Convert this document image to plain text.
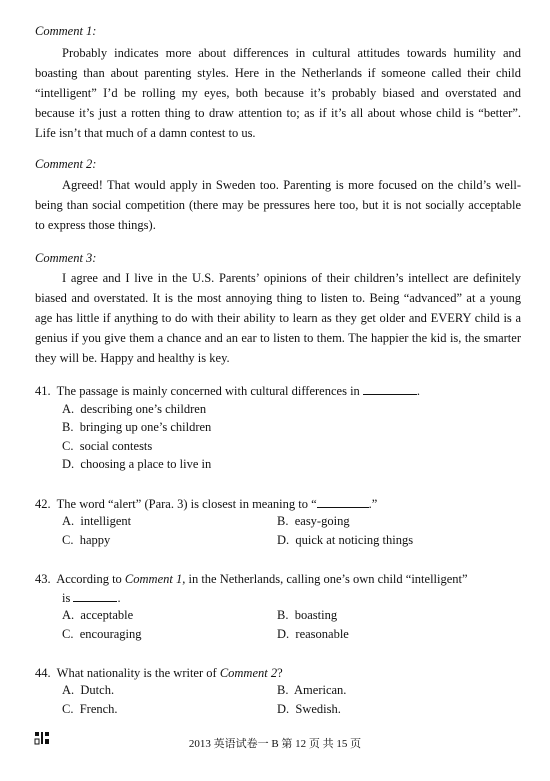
Comment 1:

Probably indicates more about differences in cultural attitudes towards humility and boasting than about parenting styles. Here in the Netherlands if someone called their child “intelligent” I’d be rolling my eyes, both because it’s probably biased and overstated and because it’s just a rotten thing to draw attention to; as if it’s all about whose child is “better”. Life isn’t that much of a damn contest to us.

Comment 2:

Agreed! That would apply in Sweden too. Parenting is more focused on the child’s well-being than social competition (there may be pressures here too, but it is not socially acceptable to express those things).

Comment 3:

I agree and I live in the U.S. Parents’ opinions of their children’s intellect are definitely biased and overstated. It is the most annoying thing to listen to. Being “advanced” at a young age has little if anything to do with their ability to learn as they get older and EVERY child is a genius if you give them a chance and an ear to listen to them. The happier the kid is, the smarter they will be. Happy and healthy is key.

41. The passage is mainly concerned with cultural differences in	.
A. describing one’s children
B. bringing up one’s children
C. social contests
D. choosing a place to live in
42. The word “alert” (Para. 3) is closest in meaning to “	.”
A. intelligent	B. easy-going
C. happy	D. quick at noticing things
43. According to Comment 1, in the Netherlands, calling one’s own child “intelligent”
is	.
A. acceptable	B. boasting
C. encouraging	D. reasonable
44. What nationality is the writer of Comment 2?
A. Dutch.	B. American.
C. French.	D. Swedish.
2013 英语试卷一 B 第 12 页 共 15 页
